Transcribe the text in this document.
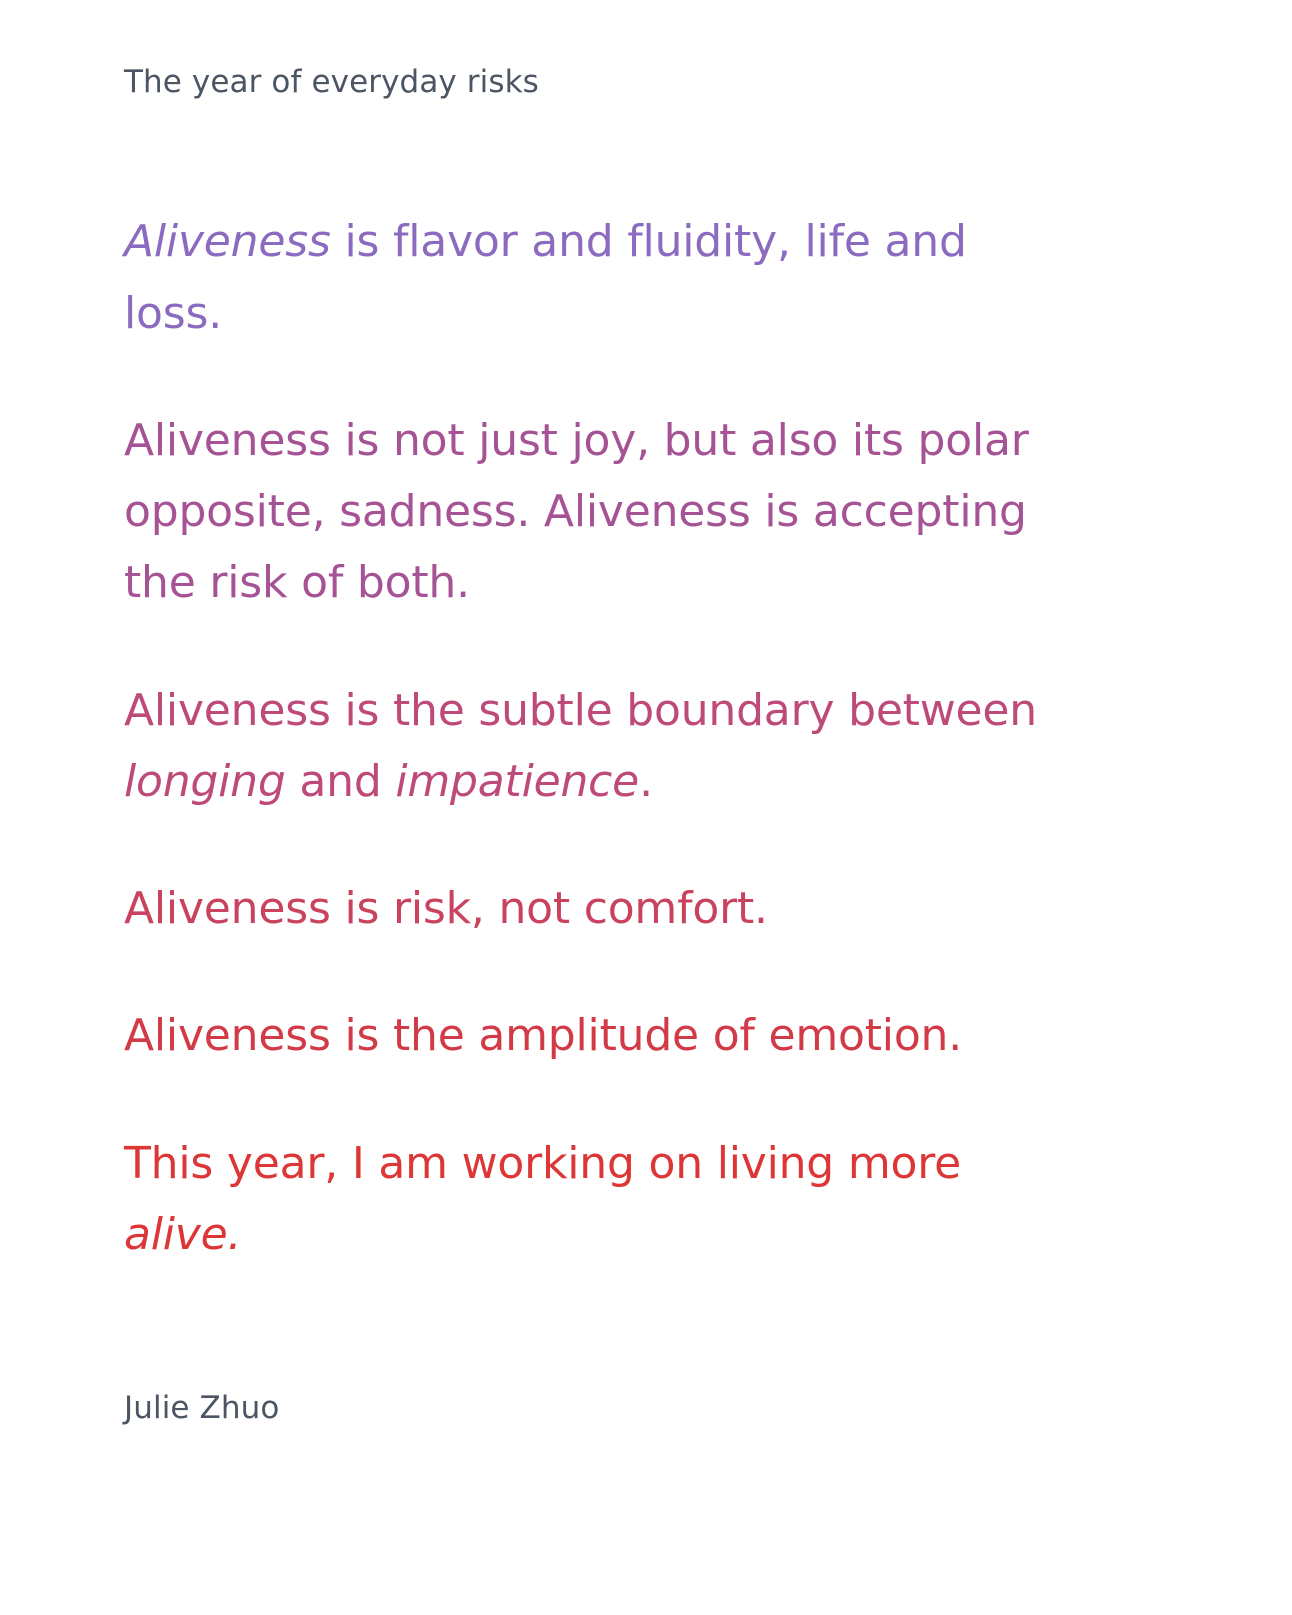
The year of everyday risks

Aliveness is flavor and fluidity, life and loss.

Aliveness is not just joy, but also its polar opposite, sadness. Aliveness is accepting the risk of both.

Aliveness is the subtle boundary between longing and impatience.

Aliveness is risk, not comfort.

Aliveness is the amplitude of emotion.

This year, I am working on living more alive.

Julie Zhuo
